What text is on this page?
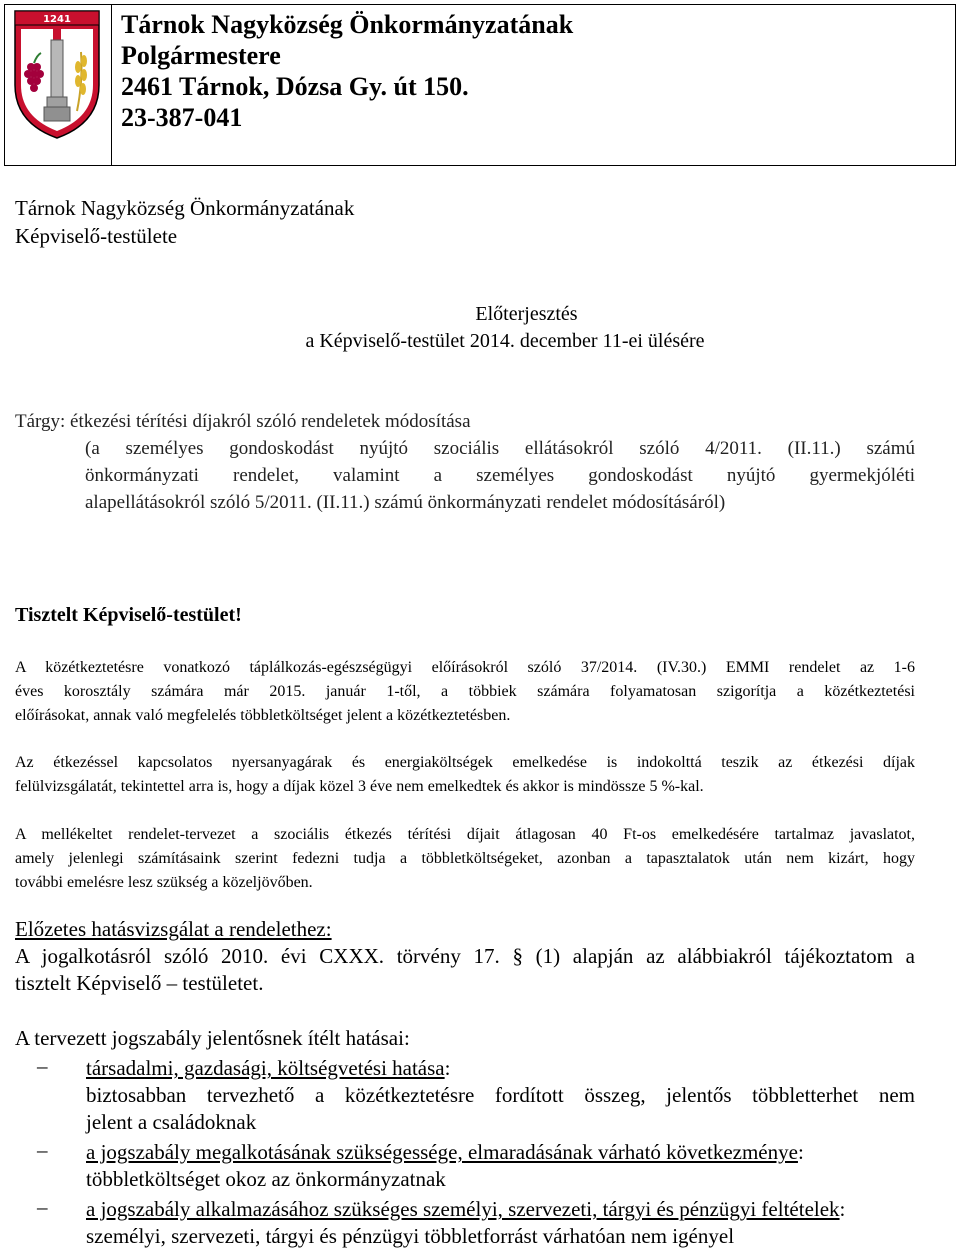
1241 Tárnok Nagyközség Önkormányzatának
Polgármestere
2461 Tárnok, Dózsa Gy. út 150.
23-387-041
Tárnok Nagyközség Önkormányzatának
Képviselő-testülete
Előterjesztés
a Képviselő-testület 2014. december 11-ei ülésére
Tárgy: étkezési térítési díjakról szóló rendeletek módosítása
(a személyes gondoskodást nyújtó szociális ellátásokról szóló 4/2011. (II.11.) számú
önkormányzati rendelet, valamint a személyes gondoskodást nyújtó gyermekjóléti
alapellátásokról szóló 5/2011. (II.11.) számú önkormányzati rendelet módosításáról)
Tisztelt Képviselő-testület!
A közétkeztetésre vonatkozó táplálkozás-egészségügyi előírásokról szóló 37/2014. (IV.30.) EMMI rendelet az 1-6
éves korosztály számára már 2015. január 1-től, a többiek számára folyamatosan szigorítja a közétkeztetési
előírásokat, annak való megfelelés többletköltséget jelent a közétkeztetésben.
Az étkezéssel kapcsolatos nyersanyagárak és energiaköltségek emelkedése is indokolttá teszik az étkezési díjak
felülvizsgálatát, tekintettel arra is, hogy a díjak közel 3 éve nem emelkedtek és akkor is mindössze 5 %-kal.
A mellékeltet rendelet-tervezet a szociális étkezés térítési díjait átlagosan 40 Ft-os emelkedésére tartalmaz javaslatot,
amely jelenlegi számításaink szerint fedezni tudja a többletköltségeket, azonban a tapasztalatok után nem kizárt, hogy
további emelésre lesz szükség a közeljövőben.
Előzetes hatásvizsgálat a rendelethez:
A jogalkotásról szóló 2010. évi CXXX. törvény 17. § (1) alapján az alábbiakról tájékoztatom a
tisztelt Képviselő – testületet.
A tervezett jogszabály jelentősnek ítélt hatásai:
– társadalmi, gazdasági, költségvetési hatása:
biztosabban tervezhető a közétkeztetésre fordított összeg, jelentős többletterhet nem
jelent a családoknak
– a jogszabály megalkotásának szükségessége, elmaradásának várható következménye:
többletköltséget okoz az önkormányzatnak
– a jogszabály alkalmazásához szükséges személyi, szervezeti, tárgyi és pénzügyi feltételek:
személyi, szervezeti, tárgyi és pénzügyi többletforrást várhatóan nem igényel
